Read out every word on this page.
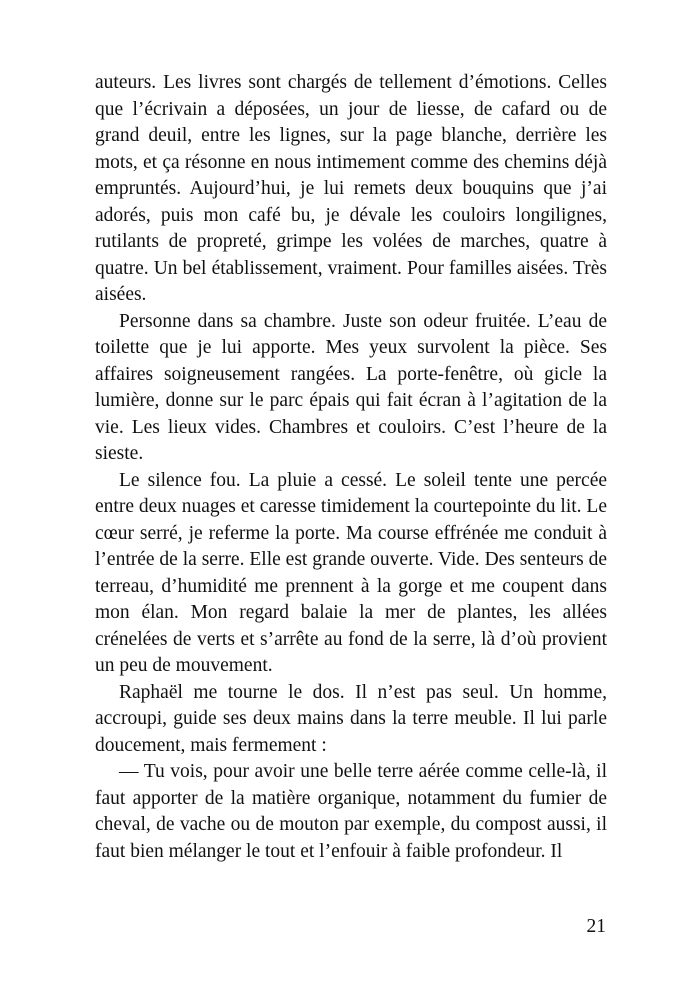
auteurs. Les livres sont chargés de tellement d’émotions. Celles que l’écrivain a déposées, un jour de liesse, de cafard ou de grand deuil, entre les lignes, sur la page blanche, derrière les mots, et ça résonne en nous intimement comme des chemins déjà empruntés. Aujourd’hui, je lui remets deux bouquins que j’ai adorés, puis mon café bu, je dévale les couloirs longilignes, rutilants de propreté, grimpe les volées de marches, quatre à quatre. Un bel établissement, vraiment. Pour familles aisées. Très aisées.

Personne dans sa chambre. Juste son odeur fruitée. L’eau de toilette que je lui apporte. Mes yeux survolent la pièce. Ses affaires soigneusement rangées. La porte-fenêtre, où gicle la lumière, donne sur le parc épais qui fait écran à l’agitation de la vie. Les lieux vides. Chambres et couloirs. C’est l’heure de la sieste.

Le silence fou. La pluie a cessé. Le soleil tente une percée entre deux nuages et caresse timidement la courtepointe du lit. Le cœur serré, je referme la porte. Ma course effrénée me conduit à l’entrée de la serre. Elle est grande ouverte. Vide. Des senteurs de terreau, d’humidité me prennent à la gorge et me coupent dans mon élan. Mon regard balaie la mer de plantes, les allées crénelées de verts et s’arrête au fond de la serre, là d’où provient un peu de mouvement.

Raphaël me tourne le dos. Il n’est pas seul. Un homme, accroupi, guide ses deux mains dans la terre meuble. Il lui parle doucement, mais fermement :

— Tu vois, pour avoir une belle terre aérée comme celle-là, il faut apporter de la matière organique, notamment du fumier de cheval, de vache ou de mouton par exemple, du compost aussi, il faut bien mélanger le tout et l’enfouir à faible profondeur. Il

21
